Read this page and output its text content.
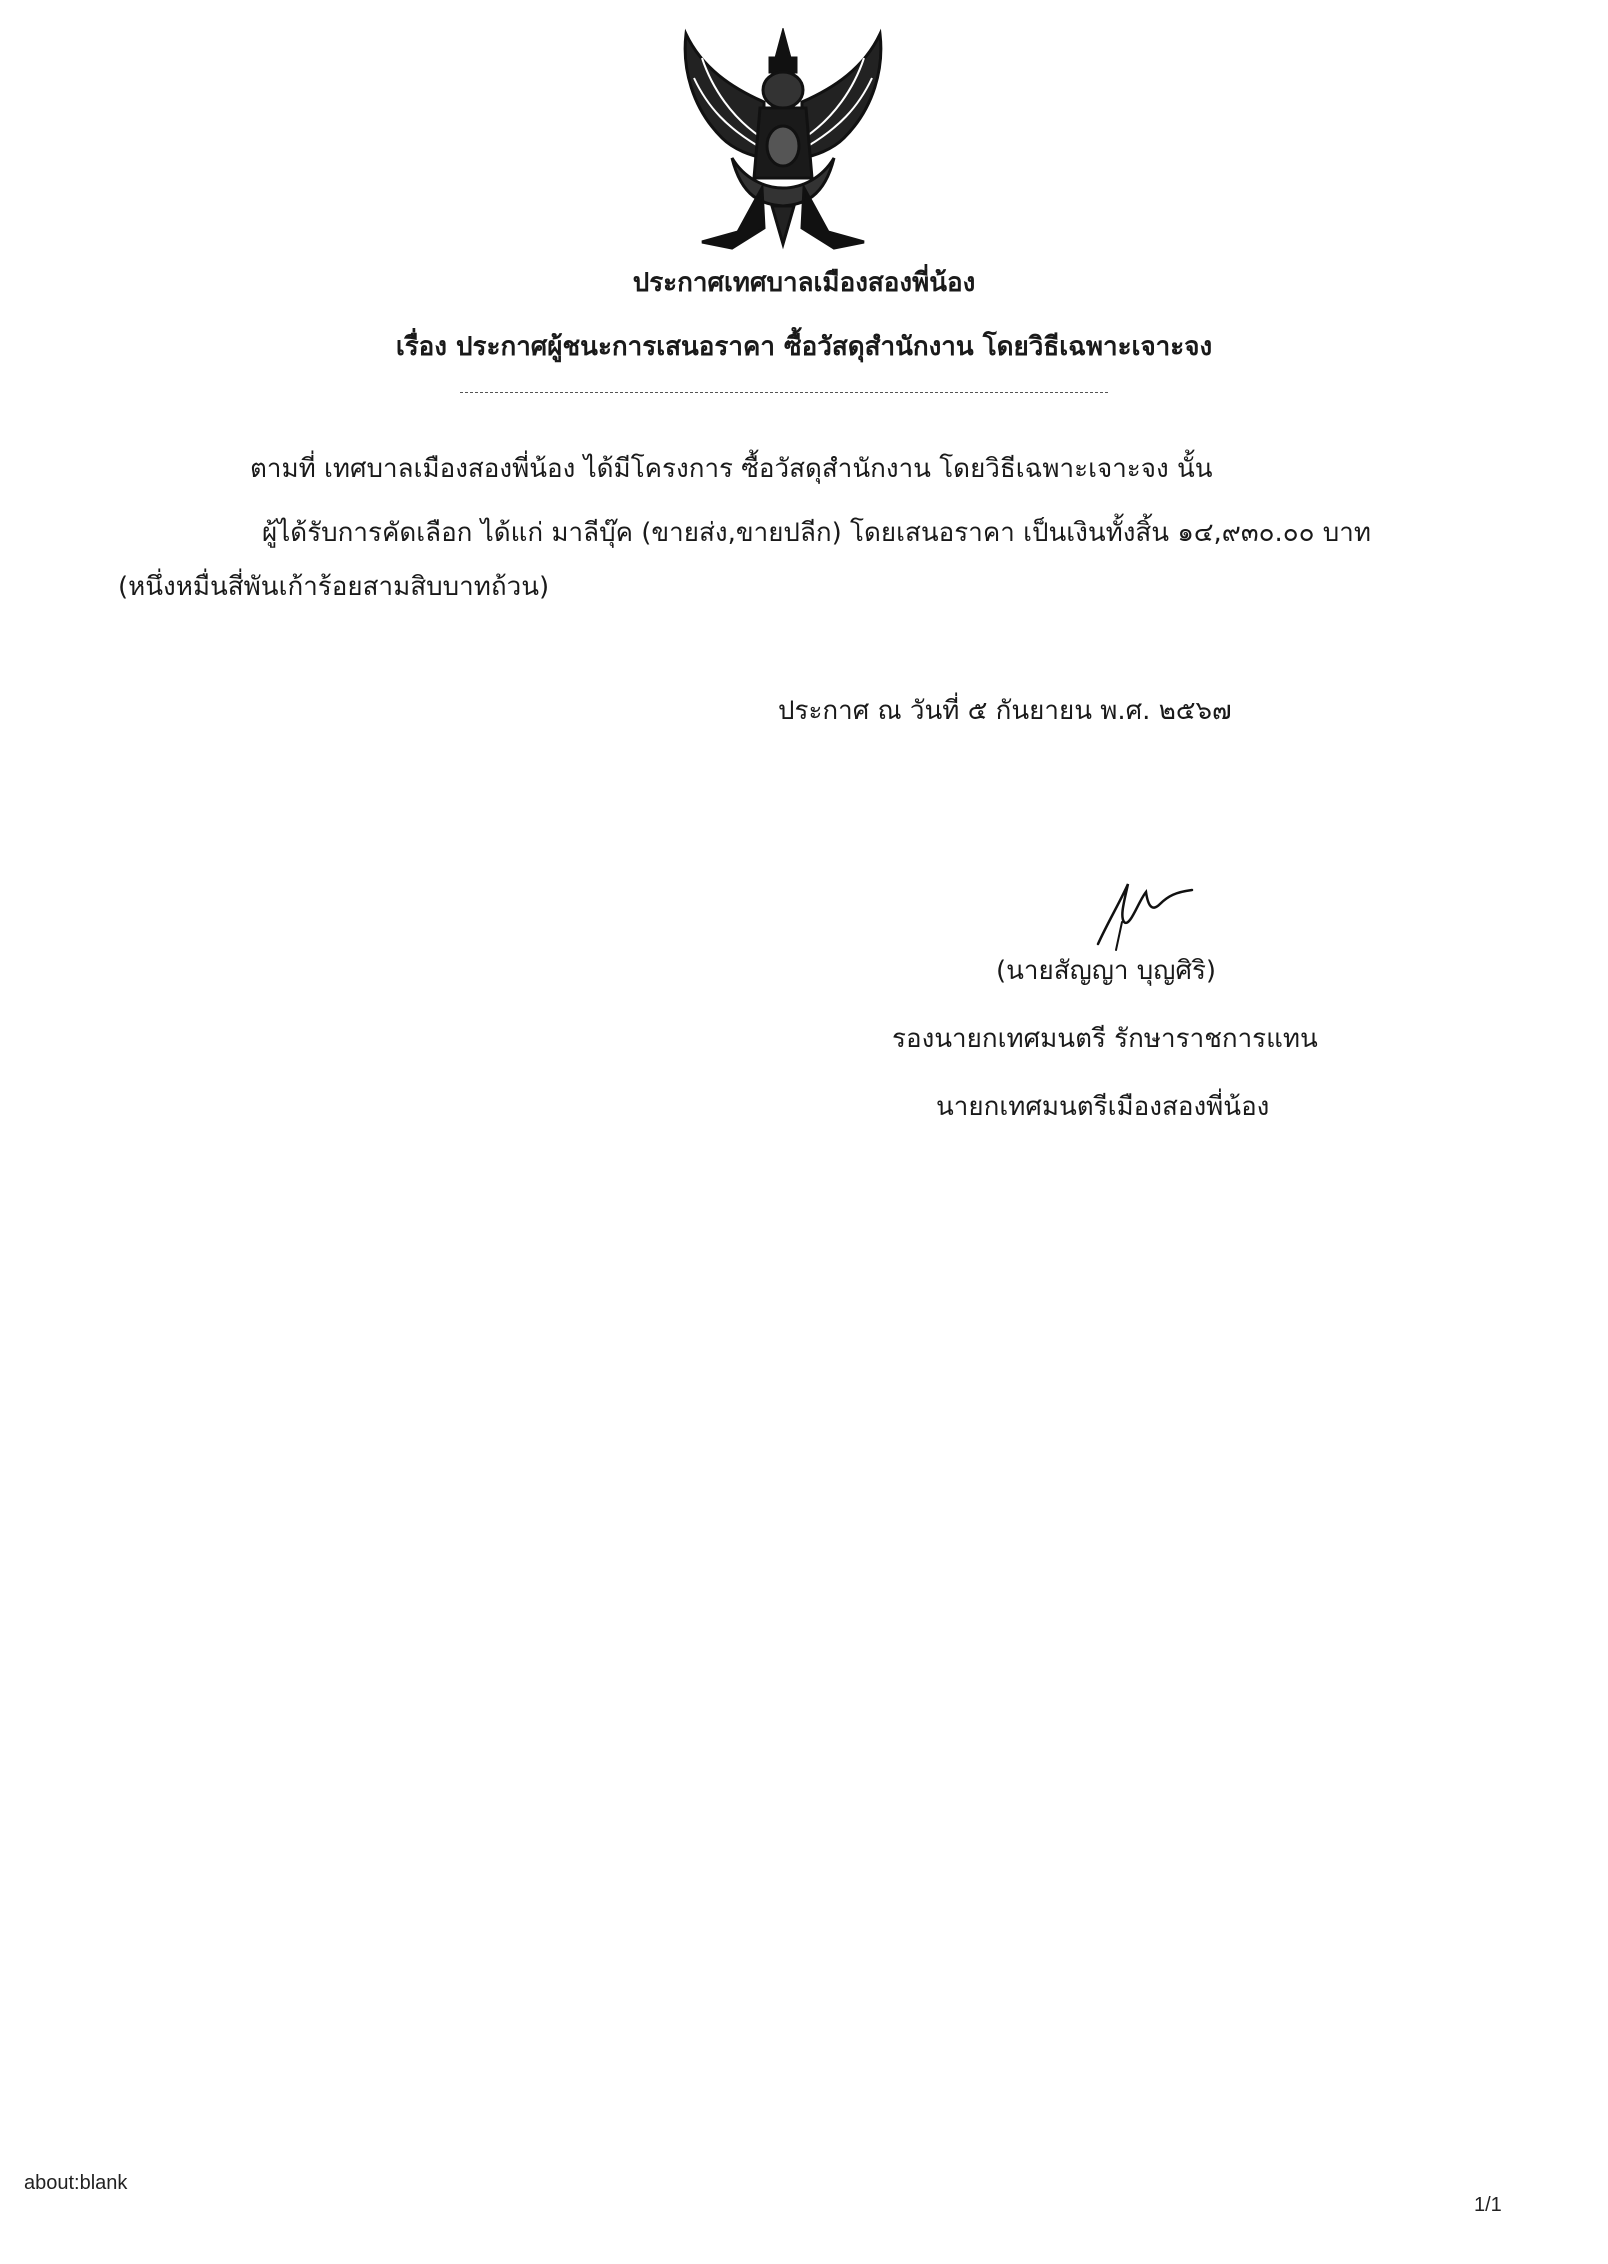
ประกาศเทศบาลเมืองสองพี่น้อง
เรื่อง ประกาศผู้ชนะการเสนอราคา ซื้อวัสดุสำนักงาน โดยวิธีเฉพาะเจาะจง
ตามที่ เทศบาลเมืองสองพี่น้อง ได้มีโครงการ ซื้อวัสดุสำนักงาน โดยวิธีเฉพาะเจาะจง นั้น
ผู้ได้รับการคัดเลือก ได้แก่ มาลีบุ๊ค (ขายส่ง,ขายปลีก) โดยเสนอราคา เป็นเงินทั้งสิ้น ๑๔,๙๓๐.๐๐ บาท
(หนึ่งหมื่นสี่พันเก้าร้อยสามสิบบาทถ้วน)
ประกาศ ณ วันที่ ๕ กันยายน พ.ศ. ๒๕๖๗
(นายสัญญา บุญศิริ)
รองนายกเทศมนตรี รักษาราชการแทน
นายกเทศมนตรีเมืองสองพี่น้อง
about:blank
1/1
